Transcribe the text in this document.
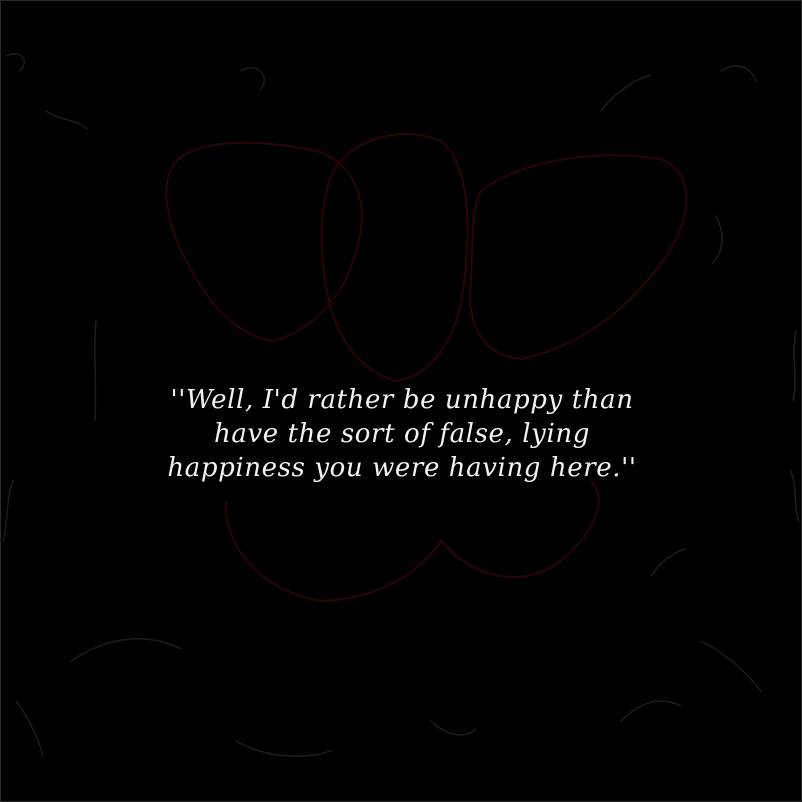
''Well, I'd rather be unhappy than
have the sort of false, lying
happiness you were having here.''
